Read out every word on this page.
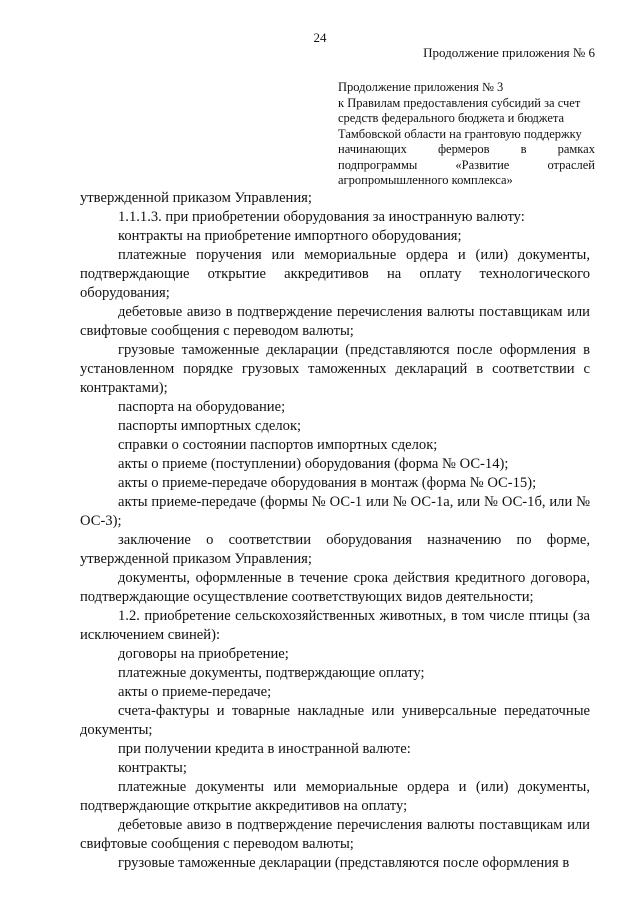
24
Продолжение приложения № 6
Продолжение приложения № 3
к Правилам предоставления субсидий за счет
средств федерального бюджета и бюджета
Тамбовской области на грантовую поддержку
начинающих фермеров в рамках
подпрограммы	«Развитие	отраслей
агропромышленного комплекса»

утвержденной приказом Управления;

1.1.1.3. при приобретении оборудования за иностранную валюту:

контракты на приобретение импортного оборудования;

платежные поручения или мемориальные ордера и (или) документы, подтверждающие открытие аккредитивов на оплату технологического оборудования;

дебетовые авизо в подтверждение перечисления валюты поставщикам или свифтовые сообщения с переводом валюты;

грузовые таможенные декларации (представляются после оформления в установленном порядке грузовых таможенных деклараций в соответствии с контрактами);

паспорта на оборудование;

паспорты импортных сделок;

справки о состоянии паспортов импортных сделок;

акты о приеме (поступлении) оборудования (форма № ОС-14);

акты о приеме-передаче оборудования в монтаж (форма № ОС-15);

акты приеме-передаче (формы № ОС-1 или № ОС-1а, или № ОС-1б, или № ОС-3);

заключение о соответствии оборудования назначению по форме, утвержденной приказом Управления;

документы, оформленные в течение срока действия кредитного договора, подтверждающие осуществление соответствующих видов деятельности;

1.2. приобретение сельскохозяйственных животных, в том числе птицы (за исключением свиней):

договоры на приобретение;

платежные документы, подтверждающие оплату;

акты о приеме-передаче;

счета-фактуры и товарные накладные или универсальные передаточные документы;

при получении кредита в иностранной валюте:

контракты;

платежные документы или мемориальные ордера и (или) документы, подтверждающие открытие аккредитивов на оплату;

дебетовые авизо в подтверждение перечисления валюты поставщикам или свифтовые сообщения с переводом валюты;

грузовые таможенные декларации (представляются после оформления в
